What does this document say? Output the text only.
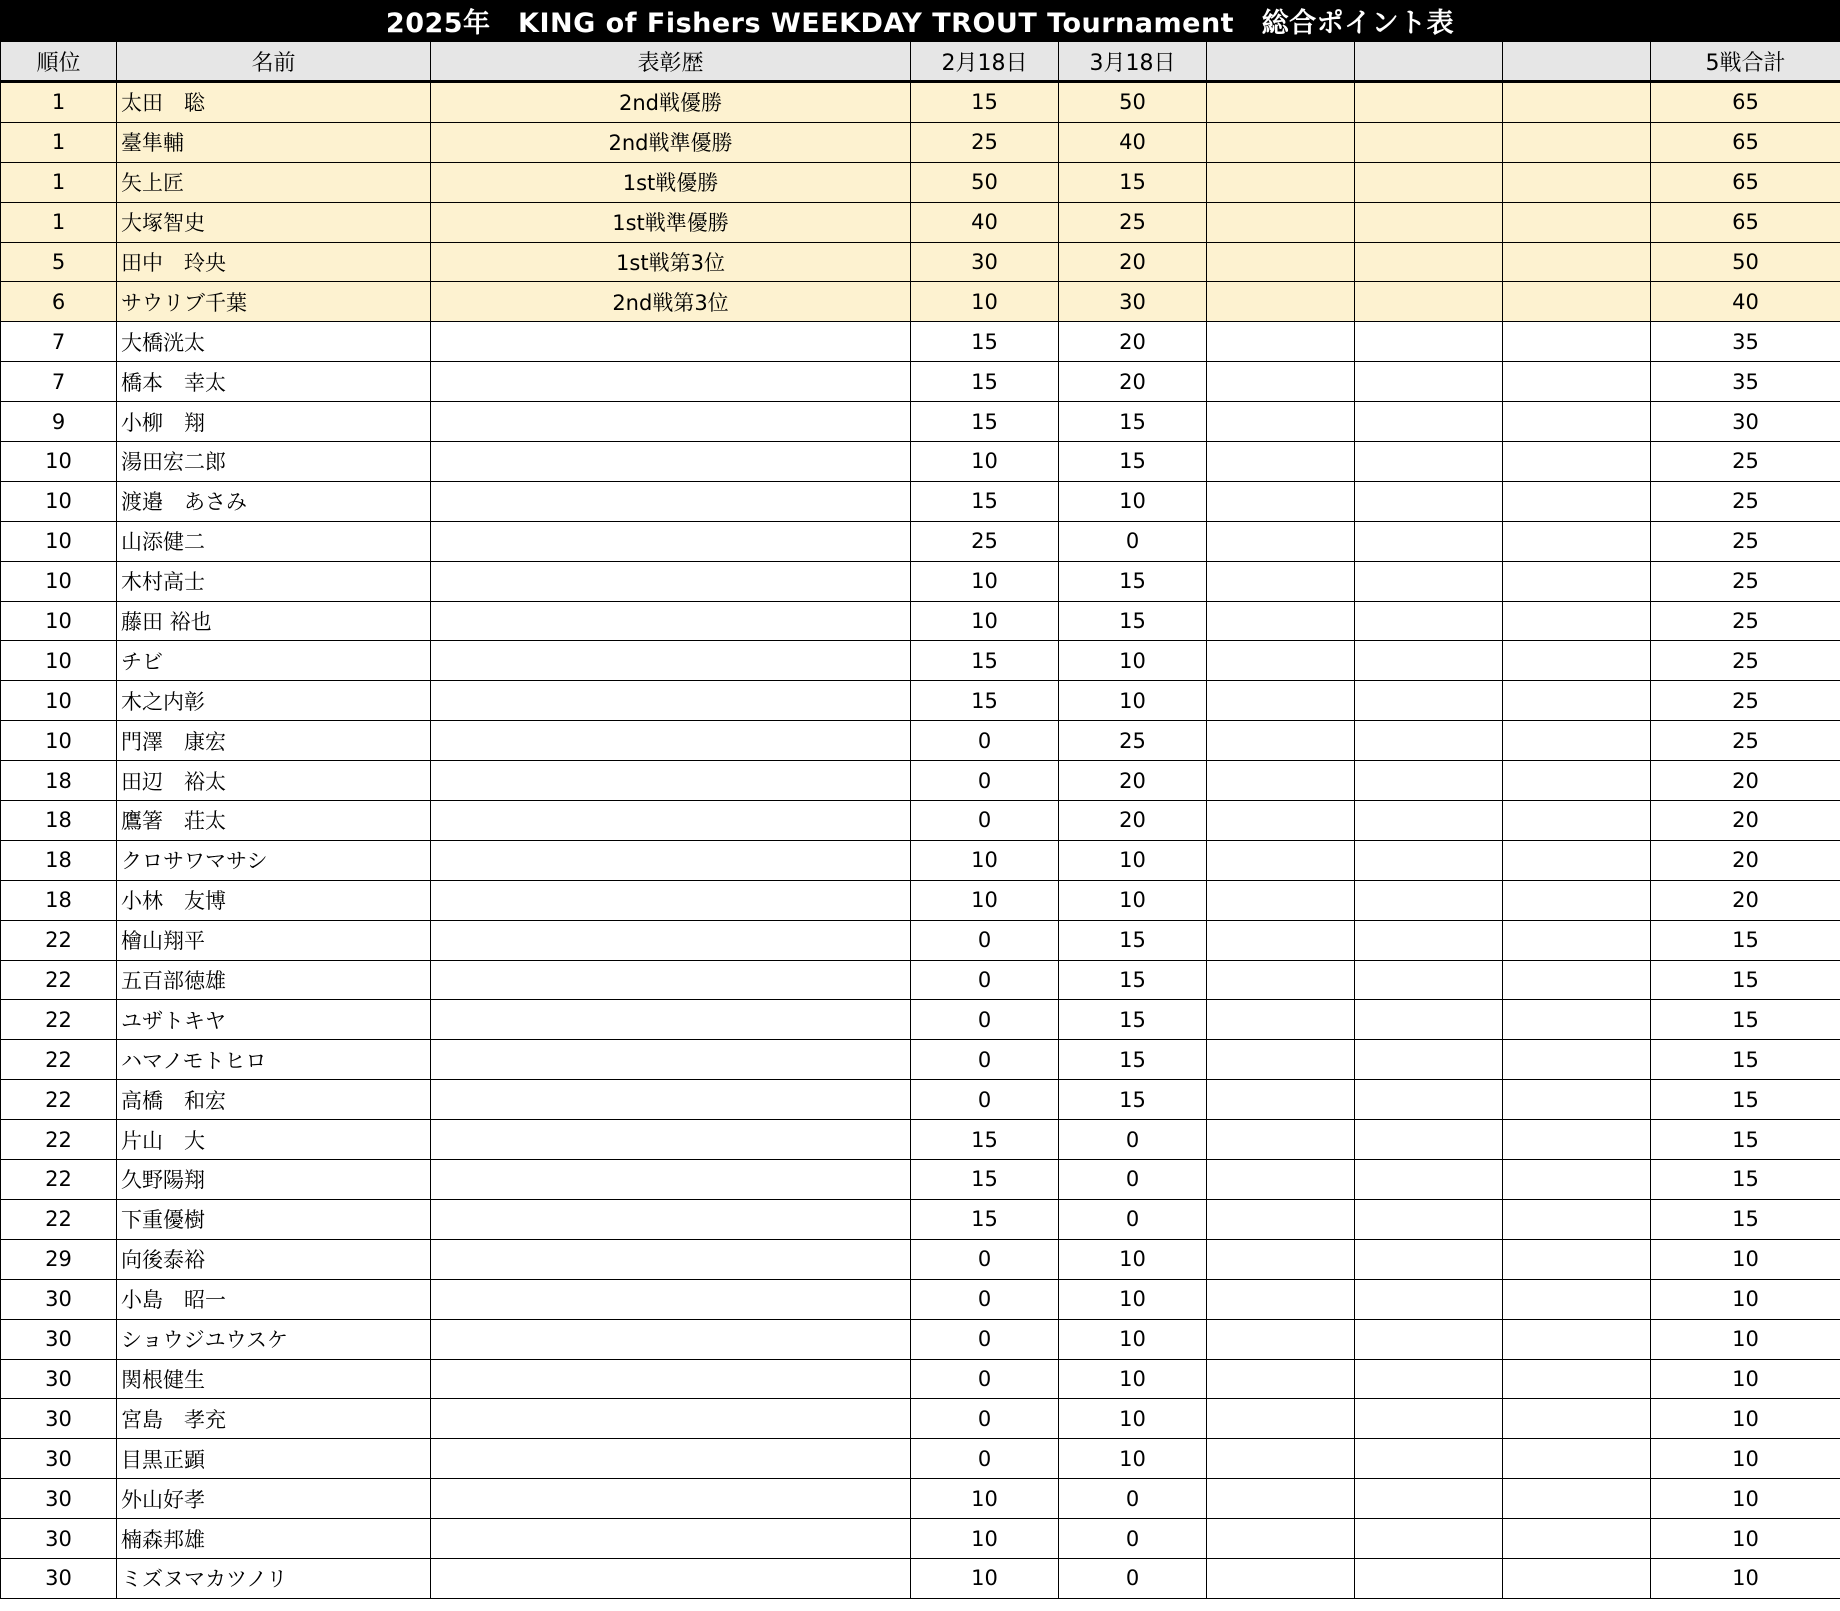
2025年　KING of Fishers WEEKDAY TROUT Tournament　総合ポイント表
順位	名前	表彰歴	2月18日	3月18日				5戦合計
1	太田　聡	2nd戦優勝	15	50				65
1	臺隼輔	2nd戦準優勝	25	40				65
1	矢上匠	1st戦優勝	50	15				65
1	大塚智史	1st戦準優勝	40	25				65
5	田中　玲央	1st戦第3位	30	20				50
6	サウリブ千葉	2nd戦第3位	10	30				40
7	大橋洸太		15	20				35
7	橋本　幸太		15	20				35
9	小柳　翔		15	15				30
10	湯田宏二郎		10	15				25
10	渡邉　あさみ		15	10				25
10	山添健二		25	0				25
10	木村高士		10	15				25
10	藤田 裕也		10	15				25
10	チビ		15	10				25
10	木之内彰		15	10				25
10	門澤　康宏		0	25				25
18	田辺　裕太		0	20				20
18	鷹箸　荘太		0	20				20
18	クロサワマサシ		10	10				20
18	小林　友博		10	10				20
22	檜山翔平		0	15				15
22	五百部徳雄		0	15				15
22	ユザトキヤ		0	15				15
22	ハマノモトヒロ		0	15				15
22	高橋　和宏		0	15				15
22	片山　大		15	0				15
22	久野陽翔		15	0				15
22	下重優樹		15	0				15
29	向後泰裕		0	10				10
30	小島　昭一		0	10				10
30	ショウジユウスケ		0	10				10
30	関根健生		0	10				10
30	宮島　孝充		0	10				10
30	目黒正顕		0	10				10
30	外山好孝		10	0				10
30	楠森邦雄		10	0				10
30	ミズヌマカツノリ		10	0				10
